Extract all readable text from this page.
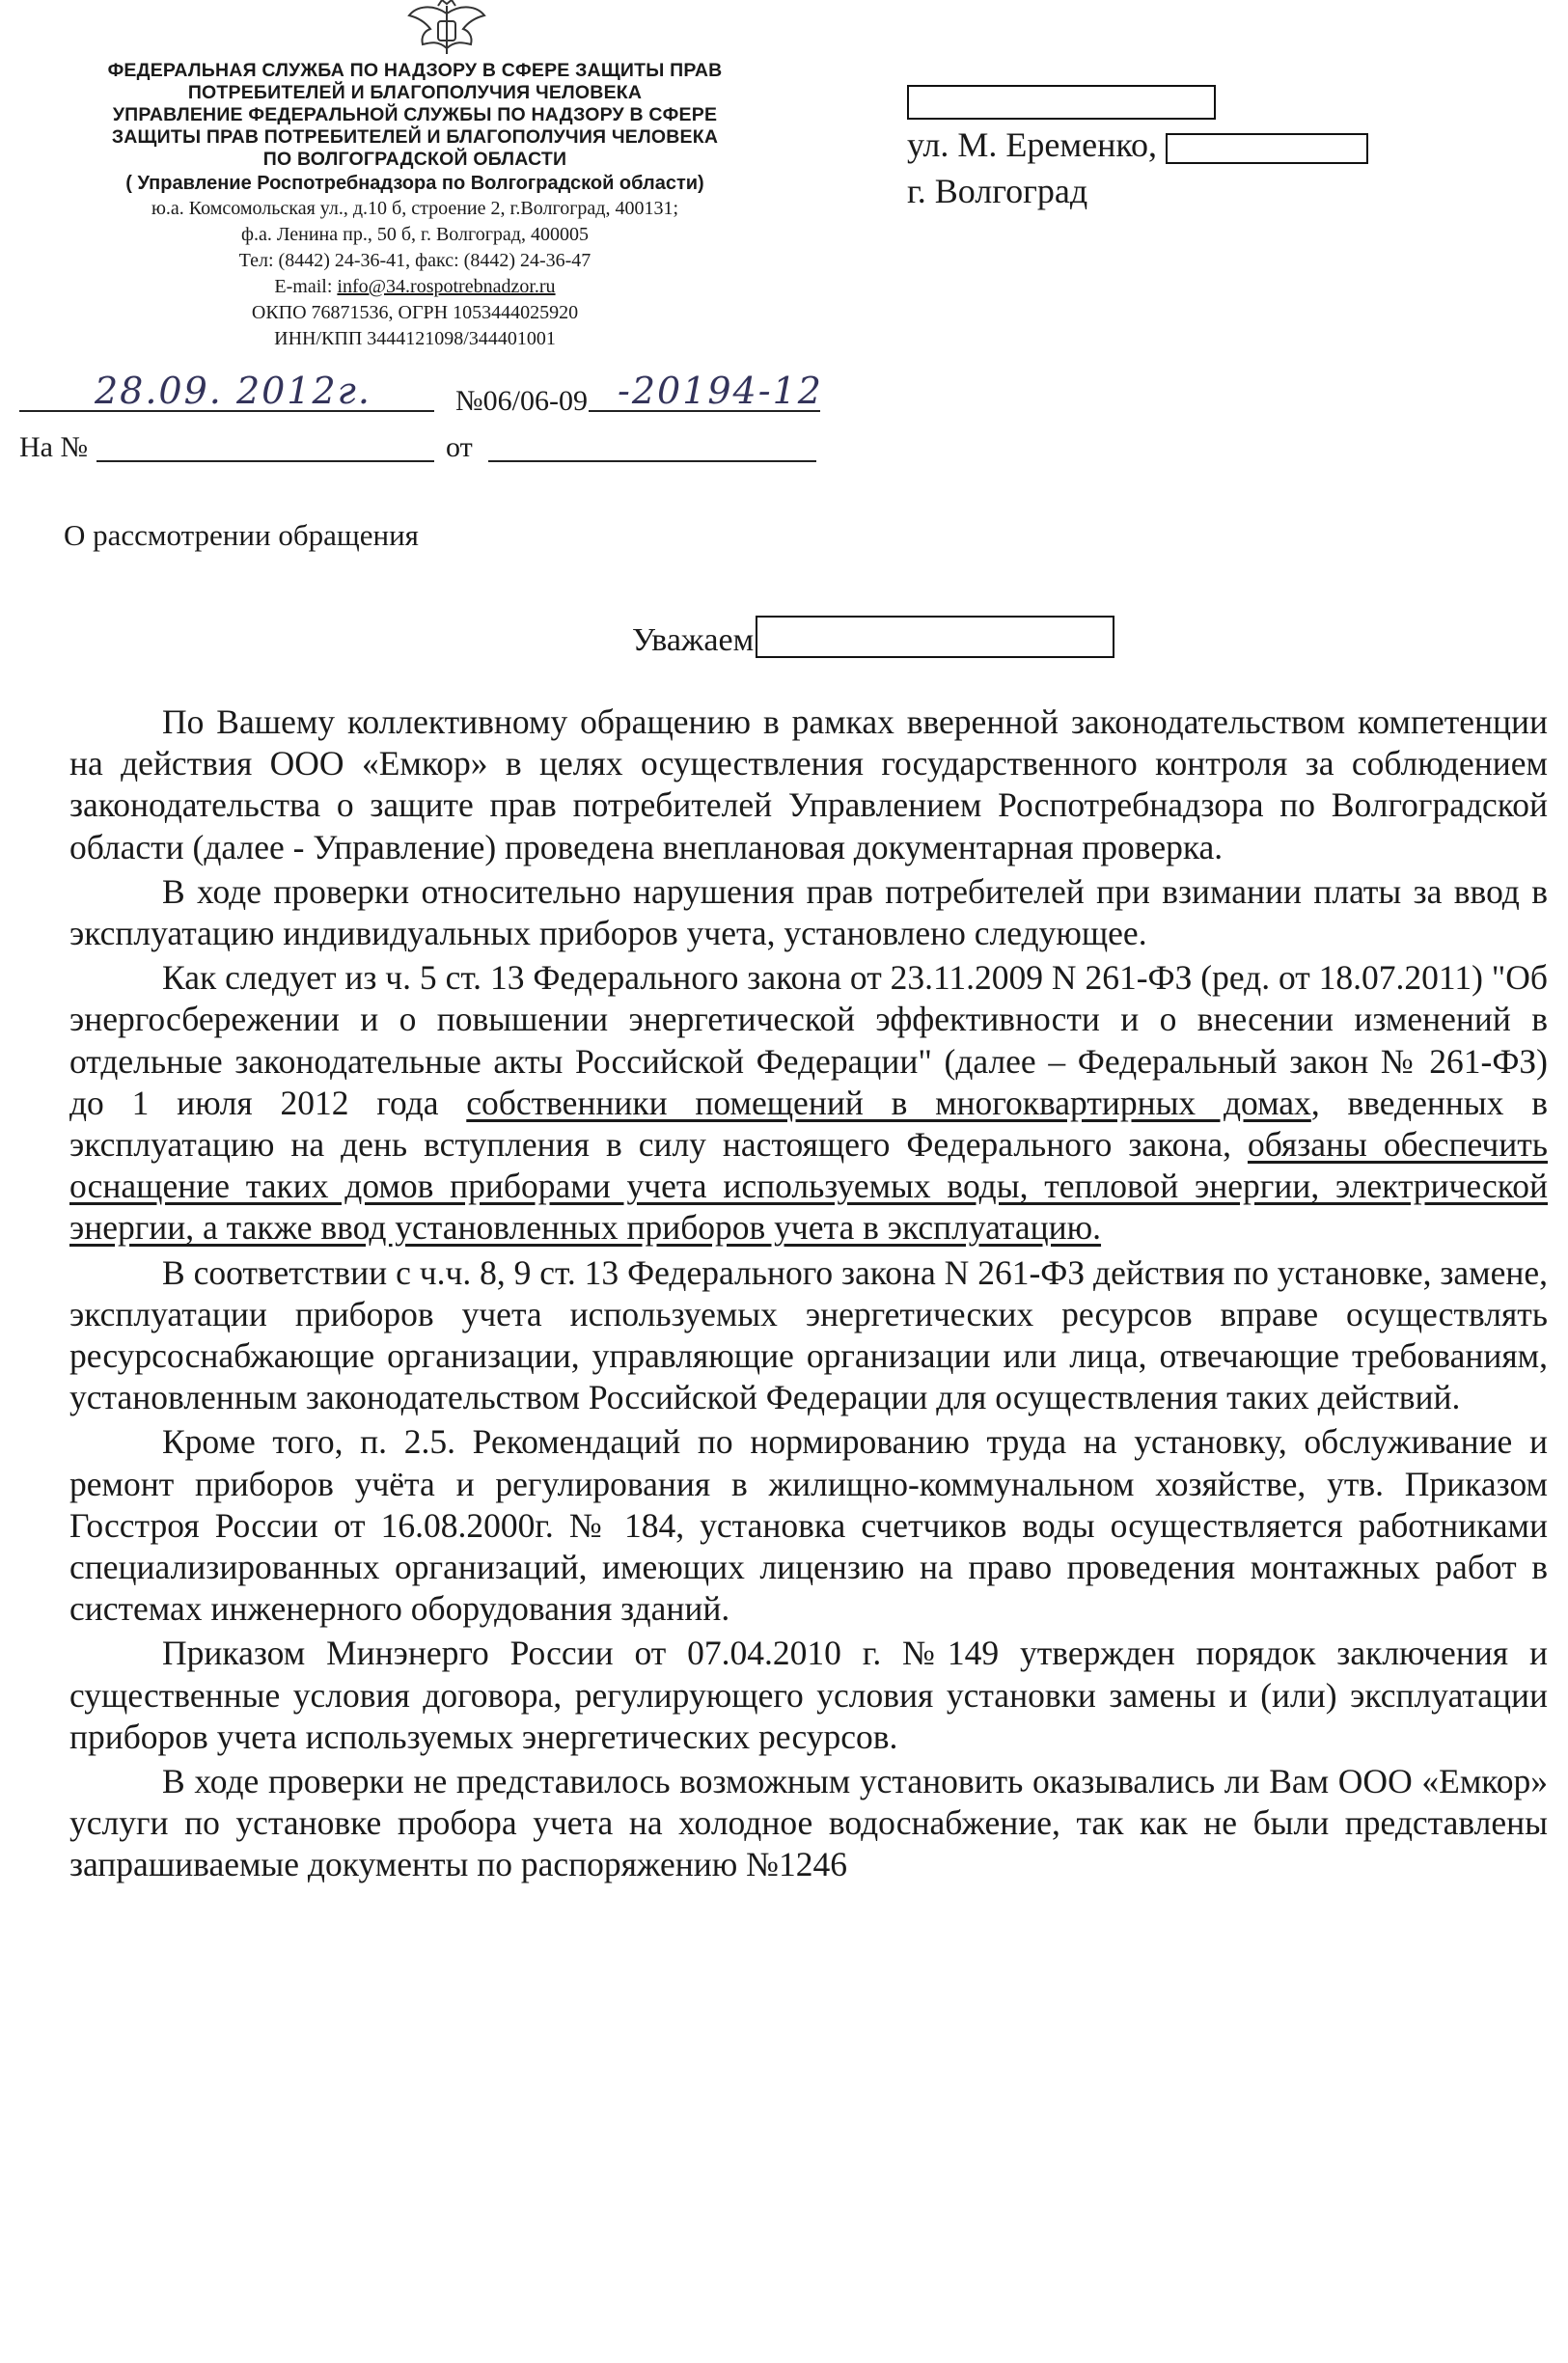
ФЕДЕРАЛЬНАЯ СЛУЖБА ПО НАДЗОРУ В СФЕРЕ ЗАЩИТЫ ПРАВ
ПОТРЕБИТЕЛЕЙ И БЛАГОПОЛУЧИЯ ЧЕЛОВЕКА
УПРАВЛЕНИЕ ФЕДЕРАЛЬНОЙ СЛУЖБЫ ПО НАДЗОРУ В СФЕРЕ
ЗАЩИТЫ ПРАВ ПОТРЕБИТЕЛЕЙ И БЛАГОПОЛУЧИЯ ЧЕЛОВЕКА
ПО ВОЛГОГРАДСКОЙ ОБЛАСТИ
( Управление Роспотребнадзора по Волгоградской области)
ю.а. Комсомольская ул., д.10 б, строение 2, г.Волгоград, 400131;
ф.а. Ленина пр., 50 б, г. Волгоград, 400005
Тел: (8442) 24-36-41, факс: (8442) 24-36-47
E-mail: info@34.rospotrebnadzor.ru
ОКПО 76871536, ОГРН 1053444025920
ИНН/КПП 3444121098/344401001
ул. М. Еременко,
г. Волгоград
28.09. 2012г.	№06/06-09 -20194-12
На №	от
О рассмотрении обращения
Уважаем

По Вашему коллективному обращению в рамках вверенной законодательством компетенции на действия ООО «Емкор» в целях осуществления государственного контроля за соблюдением законодательства о защите прав потребителей Управлением Роспотребнадзора по Волгоградской области (далее - Управление) проведена внеплановая документарная проверка.

В ходе проверки относительно нарушения прав потребителей при взимании платы за ввод в эксплуатацию индивидуальных приборов учета, установлено следующее.

Как следует из ч. 5 ст. 13 Федерального закона от 23.11.2009 N 261-ФЗ (ред. от 18.07.2011) "Об энергосбережении и о повышении энергетической эффективности и о внесении изменений в отдельные законодательные акты Российской Федерации" (далее – Федеральный закон № 261-ФЗ) до 1 июля 2012 года собственники помещений в многоквартирных домах, введенных в эксплуатацию на день вступления в силу настоящего Федерального закона, обязаны обеспечить оснащение таких домов приборами учета используемых воды, тепловой энергии, электрической энергии, а также ввод установленных приборов учета в эксплуатацию.

В соответствии с ч.ч. 8, 9 ст. 13 Федерального закона N 261-ФЗ действия по установке, замене, эксплуатации приборов учета используемых энергетических ресурсов вправе осуществлять ресурсоснабжающие организации, управляющие организации или лица, отвечающие требованиям, установленным законодательством Российской Федерации для осуществления таких действий.

Кроме того, п. 2.5. Рекомендаций по нормированию труда на установку, обслуживание и ремонт приборов учёта и регулирования в жилищно-коммунальном хозяйстве, утв. Приказом Госстроя России от 16.08.2000г. № 184, установка счетчиков воды осуществляется работниками специализированных организаций, имеющих лицензию на право проведения монтажных работ в системах инженерного оборудования зданий.

Приказом Минэнерго России от 07.04.2010 г. №149 утвержден порядок заключения и существенные условия договора, регулирующего условия установки замены и (или) эксплуатации приборов учета используемых энергетических ресурсов.

В ходе проверки не представилось возможным установить оказывались ли Вам ООО «Емкор» услуги по установке пробора учета на холодное водоснабжение, так как не были представлены запрашиваемые документы по распоряжению №1246
